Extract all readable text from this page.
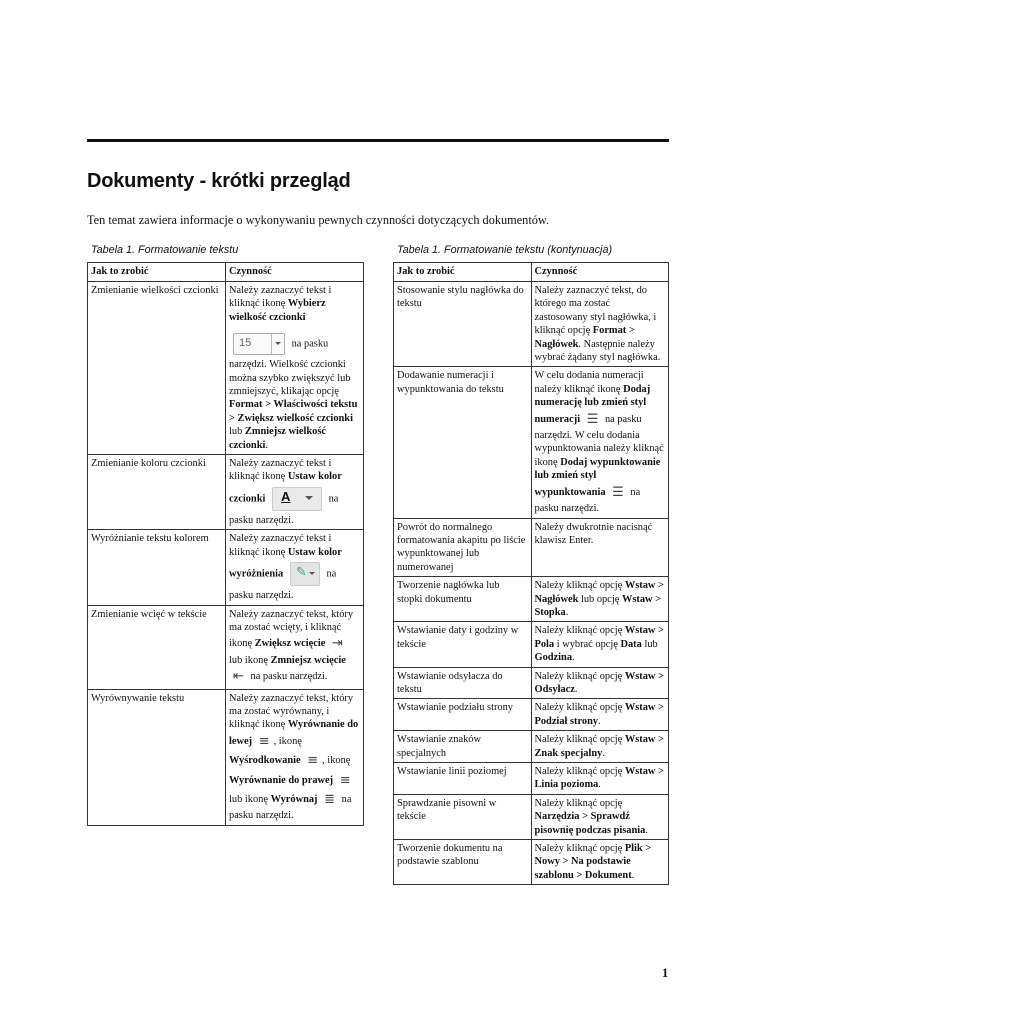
Dokumenty - krótki przegląd

Ten temat zawiera informacje o wykonywaniu pewnych czynności dotyczących dokumentów.

Tabela 1. Formatowanie tekstu	Tabela 1. Formatowanie tekstu (kontynuacja)
Jak to zrobić	Czynność
Zmienianie wielkości czcionki	Należy zaznaczyć tekst i kliknąć ikonę Wybierz wielkość czcionki
15 na pasku narzędzi. Wielkość czcionki można szybko zwiększyć lub zmniejszyć, klikając opcję Format > Właściwości tekstu > Zwiększ wielkość czcionki lub Zmniejsz wielkość czcionki.
Zmienianie koloru czcionki	Należy zaznaczyć tekst i kliknąć ikonę Ustaw kolor czcionki A na pasku narzędzi.
Wyróżnianie tekstu kolorem	Należy zaznaczyć tekst i kliknąć ikonę Ustaw kolor wyróżnienia ✎ na pasku narzędzi.
Zmienianie wcięć w tekście	Należy zaznaczyć tekst, który ma zostać wcięty, i kliknąć ikonę Zwiększ wcięcie ⇥ lub ikonę Zmniejsz wcięcie ⇤ na pasku narzędzi.
Wyrównywanie tekstu	Należy zaznaczyć tekst, który ma zostać wyrównany, i kliknąć ikonę Wyrównanie do lewej ≡ , ikonę Wyśrodkowanie ≡ , ikonę Wyrównanie do prawej ≡ lub ikonę Wyrównaj ≣ na pasku narzędzi.
Jak to zrobić	Czynność
Stosowanie stylu nagłówka do tekstu	Należy zaznaczyć tekst, do którego ma zostać zastosowany styl nagłówka, i kliknąć opcję Format > Nagłówek. Następnie należy wybrać żądany styl nagłówka.
Dodawanie numeracji i wypunktowania do tekstu	W celu dodania numeracji należy kliknąć ikonę Dodaj numerację lub zmień styl numeracji ☰ na pasku narzędzi. W celu dodania wypunktowania należy kliknąć ikonę Dodaj wypunktowanie lub zmień styl wypunktowania ☰ na pasku narzędzi.
Powrót do normalnego formatowania akapitu po liście wypunktowanej lub numerowanej	Należy dwukrotnie nacisnąć klawisz Enter.
Tworzenie nagłówka lub stopki dokumentu	Należy kliknąć opcję Wstaw > Nagłówek lub opcję Wstaw > Stopka.
Wstawianie daty i godziny w tekście	Należy kliknąć opcję Wstaw > Pola i wybrać opcję Data lub Godzina.
Wstawianie odsyłacza do tekstu	Należy kliknąć opcję Wstaw > Odsyłacz.
Wstawianie podziału strony	Należy kliknąć opcję Wstaw > Podział strony.
Wstawianie znaków specjalnych	Należy kliknąć opcję Wstaw > Znak specjalny.
Wstawianie linii poziomej	Należy kliknąć opcję Wstaw > Linia pozioma.
Sprawdzanie pisowni w tekście	Należy kliknąć opcję Narzędzia > Sprawdź pisownię podczas pisania.
Tworzenie dokumentu na podstawie szablonu	Należy kliknąć opcję Plik > Nowy > Na podstawie szablonu > Dokument.
1
